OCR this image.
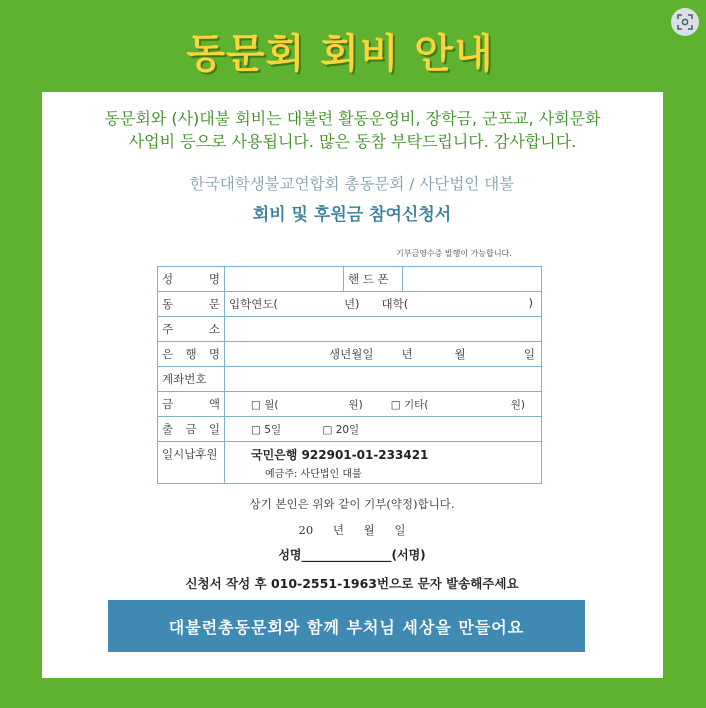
동문회 회비 안내
동문회와 (사)대불 회비는 대불련 활동운영비, 장학금, 군포교, 사회문화
사업비 등으로 사용됩니다. 많은 동참 부탁드립니다. 감사합니다.
한국대학생불교연합회 총동문회 / 사단법인 대불
회비 및 후원금 참여신청서
기부금영수증 발행이 가능합니다.
성 명		핸 드 폰	

동 문	입학연도( 년) 대학( )		

주 소			

은 행 명	생년월일 년 월 일		

계좌번호			

금 액	□ 월( 원) □ 기타( 원)		

출 금 일	□ 5일 □ 20일		
일시납후원	국민은행 922901-01-233421
예금주: 사단법인 대불		
상기 본인은 위와 같이 기부(약정)합니다.
20 년 월 일
성명_______________(서명)
신청서 작성 후 010-2551-1963번으로 문자 발송해주세요
대불련총동문회와 함께 부처님 세상을 만들어요
